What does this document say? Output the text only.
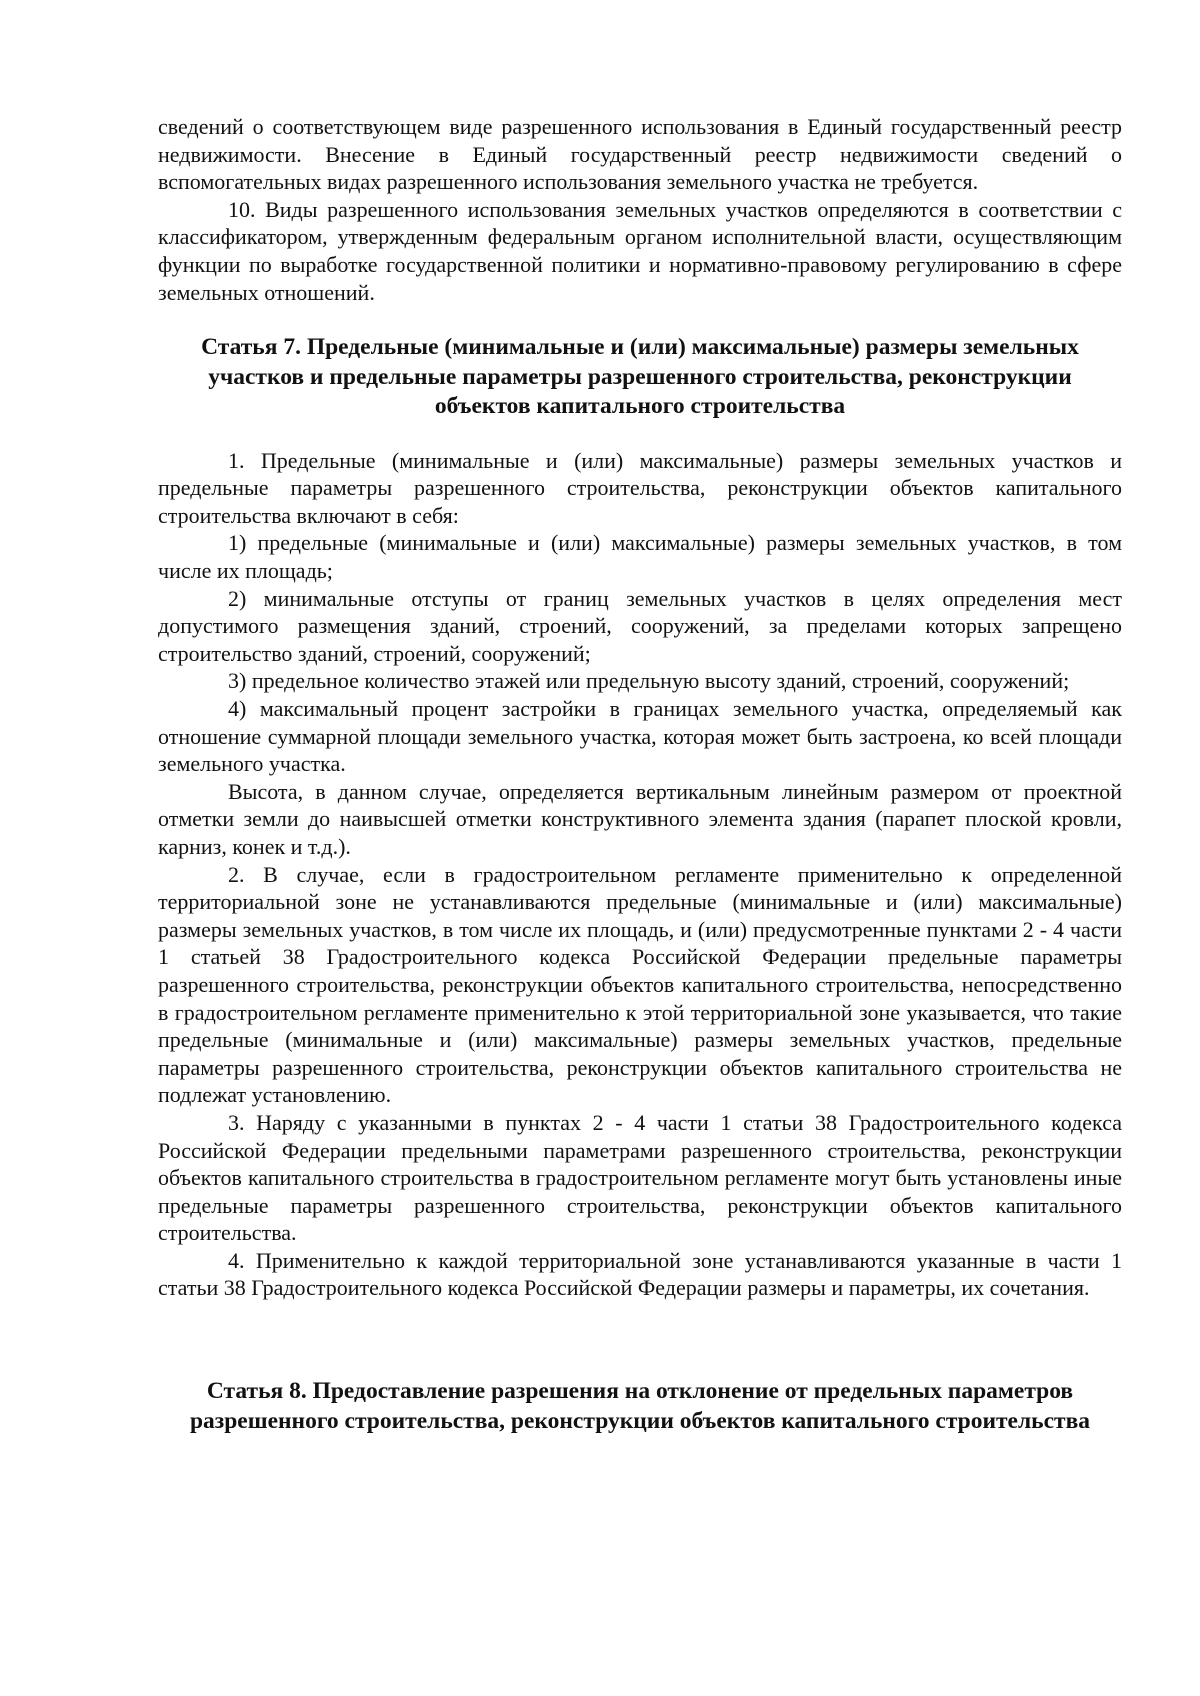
сведений о соответствующем виде разрешенного использования в Единый государственный реестр недвижимости. Внесение в Единый государственный реестр недвижимости сведений о вспомогательных видах разрешенного использования земельного участка не требуется.

10. Виды разрешенного использования земельных участков определяются в соответствии с классификатором, утвержденным федеральным органом исполнительной власти, осуществляющим функции по выработке государственной политики и нормативно-правовому регулированию в сфере земельных отношений.

Статья 7. Предельные (минимальные и (или) максимальные) размеры земельных участков и предельные параметры разрешенного строительства, реконструкции объектов капитального строительства

1. Предельные (минимальные и (или) максимальные) размеры земельных участков и предельные параметры разрешенного строительства, реконструкции объектов капитального строительства включают в себя:

1) предельные (минимальные и (или) максимальные) размеры земельных участков, в том числе их площадь;

2) минимальные отступы от границ земельных участков в целях определения мест допустимого размещения зданий, строений, сооружений, за пределами которых запрещено строительство зданий, строений, сооружений;

3) предельное количество этажей или предельную высоту зданий, строений, сооружений;

4) максимальный процент застройки в границах земельного участка, определяемый как отношение суммарной площади земельного участка, которая может быть застроена, ко всей площади земельного участка.

Высота, в данном случае, определяется вертикальным линейным размером от проектной отметки земли до наивысшей отметки конструктивного элемента здания (парапет плоской кровли, карниз, конек и т.д.).

2. В случае, если в градостроительном регламенте применительно к определенной территориальной зоне не устанавливаются предельные (минимальные и (или) максимальные) размеры земельных участков, в том числе их площадь, и (или) предусмотренные пунктами 2 - 4 части 1 статьей 38 Градостроительного кодекса Российской Федерации предельные параметры разрешенного строительства, реконструкции объектов капитального строительства, непосредственно в градостроительном регламенте применительно к этой территориальной зоне указывается, что такие предельные (минимальные и (или) максимальные) размеры земельных участков, предельные параметры разрешенного строительства, реконструкции объектов капитального строительства не подлежат установлению.

3. Наряду с указанными в пунктах 2 - 4 части 1 статьи 38 Градостроительного кодекса Российской Федерации предельными параметрами разрешенного строительства, реконструкции объектов капитального строительства в градостроительном регламенте могут быть установлены иные предельные параметры разрешенного строительства, реконструкции объектов капитального строительства.

4. Применительно к каждой территориальной зоне устанавливаются указанные в части 1 статьи 38 Градостроительного кодекса Российской Федерации размеры и параметры, их сочетания.

Статья 8. Предоставление разрешения на отклонение от предельных параметров разрешенного строительства, реконструкции объектов капитального строительства
